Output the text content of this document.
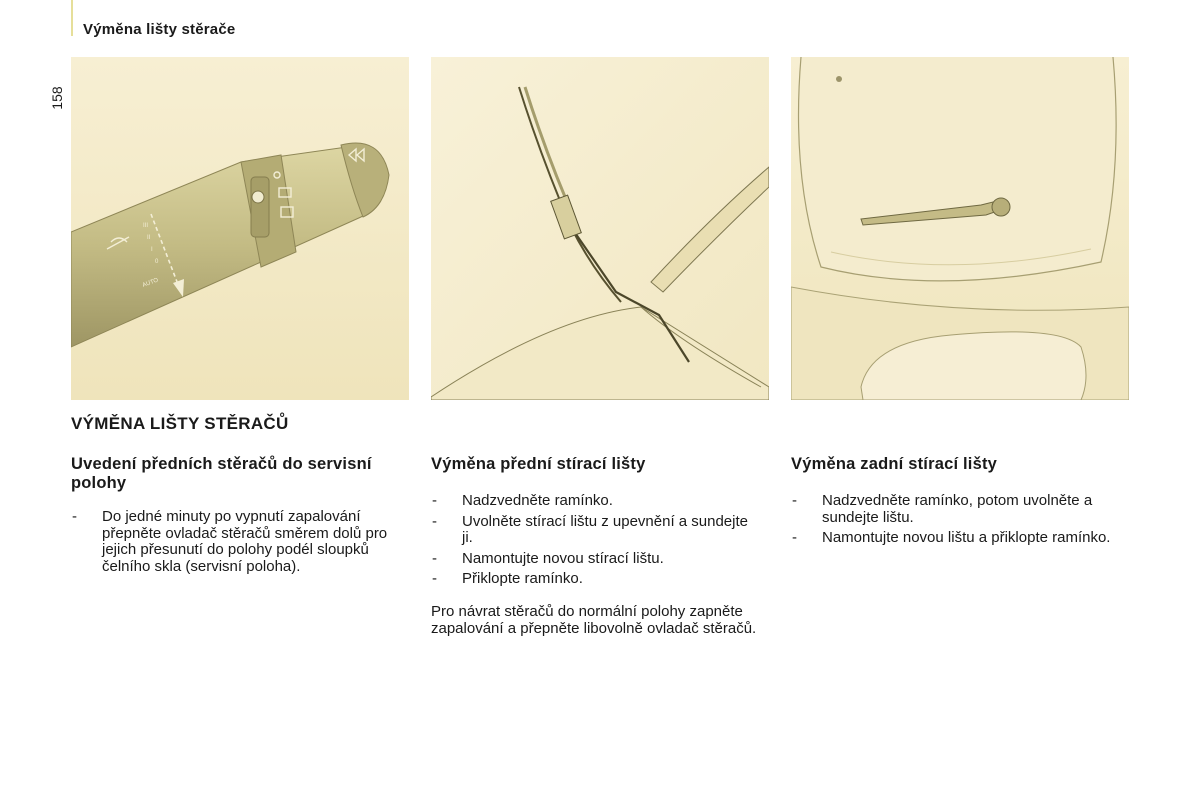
Výměna lišty stěrače
158
0
I
II
III
AUTO
VÝMĚNA LIŠTY STĚRAČŮ
Uvedení předních stěračů do servisní polohy
- Do jedné minuty po vypnutí zapalování přepněte ovladač stěračů směrem dolů pro jejich přesunutí do polohy podél sloupků čelního skla (servisní poloha).
Výměna přední stírací lišty
- Nadzvedněte ramínko.
- Uvolněte stírací lištu z upevnění a sundejte ji.
- Namontujte novou stírací lištu.
- Přiklopte ramínko.

Pro návrat stěračů do normální polohy zapněte zapalování a přepněte libovolně ovladač stěračů.

Výměna zadní stírací lišty
- Nadzvedněte ramínko, potom uvolněte a sundejte lištu.
- Namontujte novou lištu a přiklopte ramínko.
